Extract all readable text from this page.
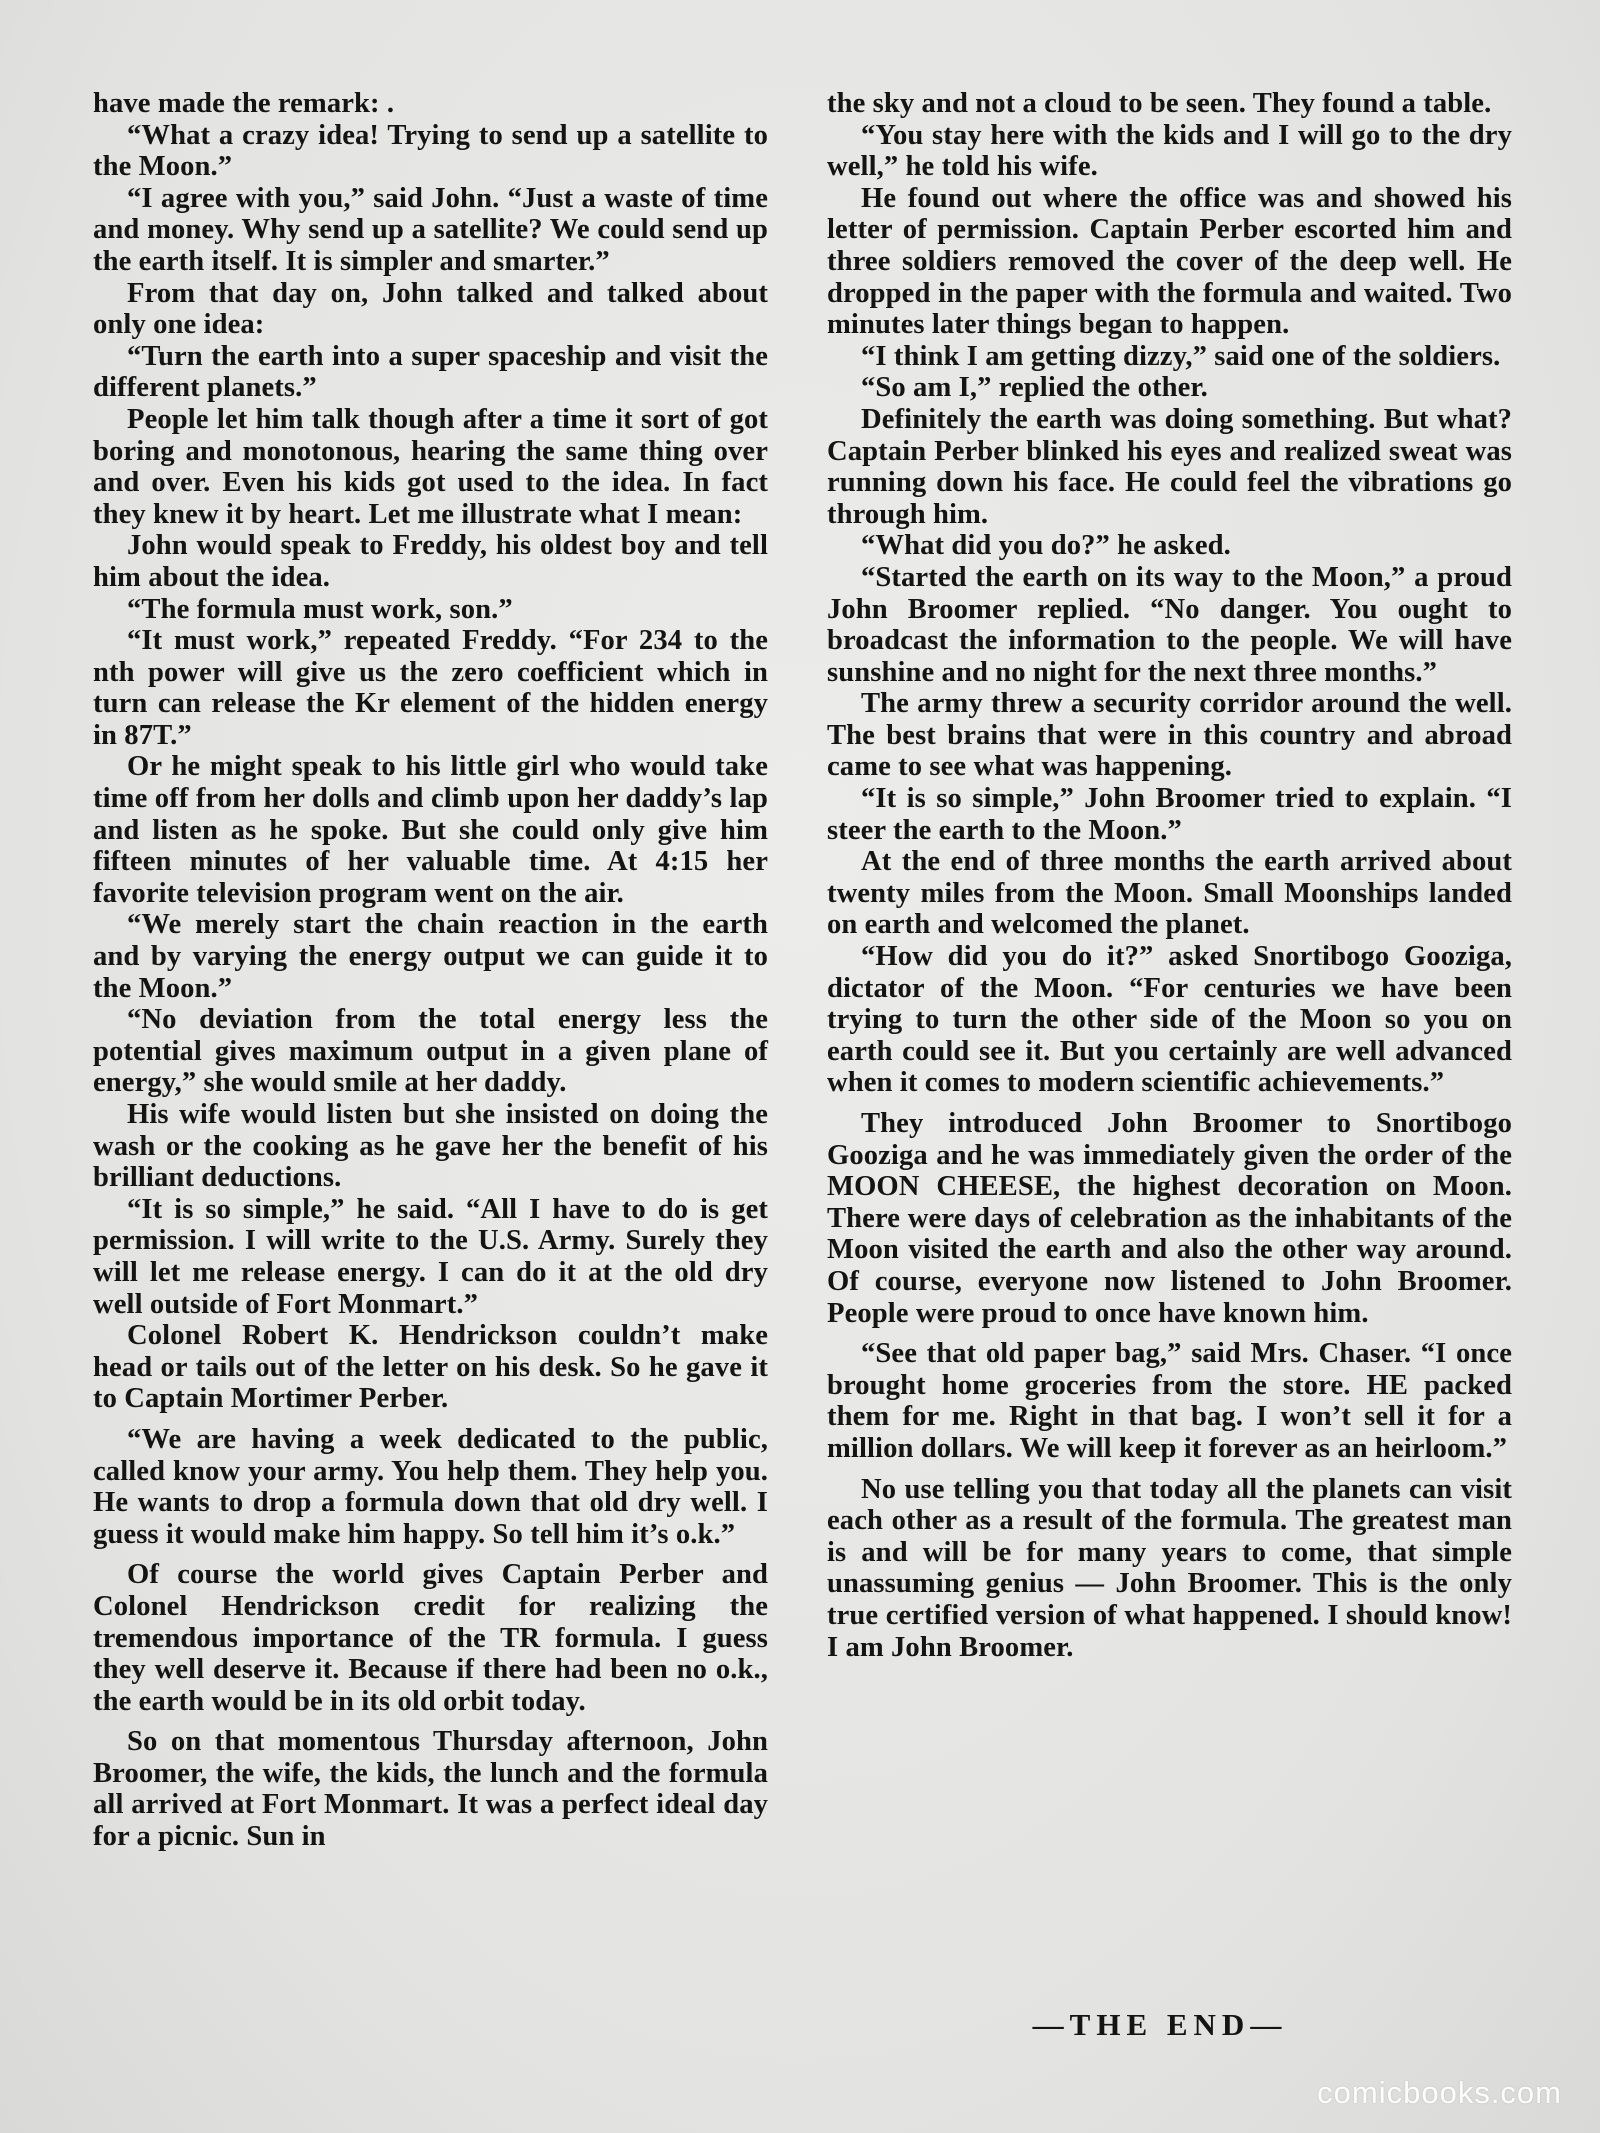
have made the remark: .

“What a crazy idea! Trying to send up a satellite to the Moon.”

“I agree with you,” said John. “Just a waste of time and money. Why send up a satellite? We could send up the earth itself. It is simpler and smarter.”

From that day on, John talked and talked about only one idea:

“Turn the earth into a super spaceship and visit the different planets.”

People let him talk though after a time it sort of got boring and monotonous, hearing the same thing over and over. Even his kids got used to the idea. In fact they knew it by heart. Let me illustrate what I mean:

John would speak to Freddy, his oldest boy and tell him about the idea.

“The formula must work, son.”

“It must work,” repeated Freddy. “For 234 to the nth power will give us the zero coefficient which in turn can release the Kr element of the hidden energy in 87T.”

Or he might speak to his little girl who would take time off from her dolls and climb upon her daddy’s lap and listen as he spoke. But she could only give him fifteen minutes of her valuable time. At 4:15 her favorite television program went on the air.

“We merely start the chain reaction in the earth and by varying the energy output we can guide it to the Moon.”

“No deviation from the total energy less the potential gives maximum output in a given plane of energy,” she would smile at her daddy.

His wife would listen but she insisted on doing the wash or the cooking as he gave her the benefit of his brilliant deductions.

“It is so simple,” he said. “All I have to do is get permission. I will write to the U.S. Army. Surely they will let me release energy. I can do it at the old dry well outside of Fort Monmart.”

Colonel Robert K. Hendrickson couldn’t make head or tails out of the letter on his desk. So he gave it to Captain Mortimer Perber.

“We are having a week dedicated to the public, called know your army. You help them. They help you. He wants to drop a formula down that old dry well. I guess it would make him happy. So tell him it’s o.k.”

Of course the world gives Captain Perber and Colonel Hendrickson credit for realizing the tremendous importance of the TR formula. I guess they well deserve it. Because if there had been no o.k., the earth would be in its old orbit today.

So on that momentous Thursday afternoon, John Broomer, the wife, the kids, the lunch and the formula all arrived at Fort Monmart. It was a perfect ideal day for a picnic. Sun in

the sky and not a cloud to be seen. They found a table.

“You stay here with the kids and I will go to the dry well,” he told his wife.

He found out where the office was and showed his letter of permission. Captain Perber escorted him and three soldiers removed the cover of the deep well. He dropped in the paper with the formula and waited. Two minutes later things began to happen.

“I think I am getting dizzy,” said one of the soldiers.

“So am I,” replied the other.

Definitely the earth was doing something. But what? Captain Perber blinked his eyes and realized sweat was running down his face. He could feel the vibrations go through him.

“What did you do?” he asked.

“Started the earth on its way to the Moon,” a proud John Broomer replied. “No danger. You ought to broadcast the information to the people. We will have sunshine and no night for the next three months.”

The army threw a security corridor around the well. The best brains that were in this country and abroad came to see what was happening.

“It is so simple,” John Broomer tried to explain. “I steer the earth to the Moon.”

At the end of three months the earth arrived about twenty miles from the Moon. Small Moonships landed on earth and welcomed the planet.

“How did you do it?” asked Snortibogo Gooziga, dictator of the Moon. “For centuries we have been trying to turn the other side of the Moon so you on earth could see it. But you certainly are well advanced when it comes to modern scientific achievements.”

They introduced John Broomer to Snortibogo Gooziga and he was immediately given the order of the MOON CHEESE, the highest decoration on Moon. There were days of celebration as the inhabitants of the Moon visited the earth and also the other way around. Of course, everyone now listened to John Broomer. People were proud to once have known him.

“See that old paper bag,” said Mrs. Chaser. “I once brought home groceries from the store. HE packed them for me. Right in that bag. I won’t sell it for a million dollars. We will keep it forever as an heirloom.”

No use telling you that today all the planets can visit each other as a result of the formula. The greatest man is and will be for many years to come, that simple unassuming genius — John Broomer. This is the only true certified version of what happened. I should know! I am John Broomer.

—THE END—
comicbooks.com
